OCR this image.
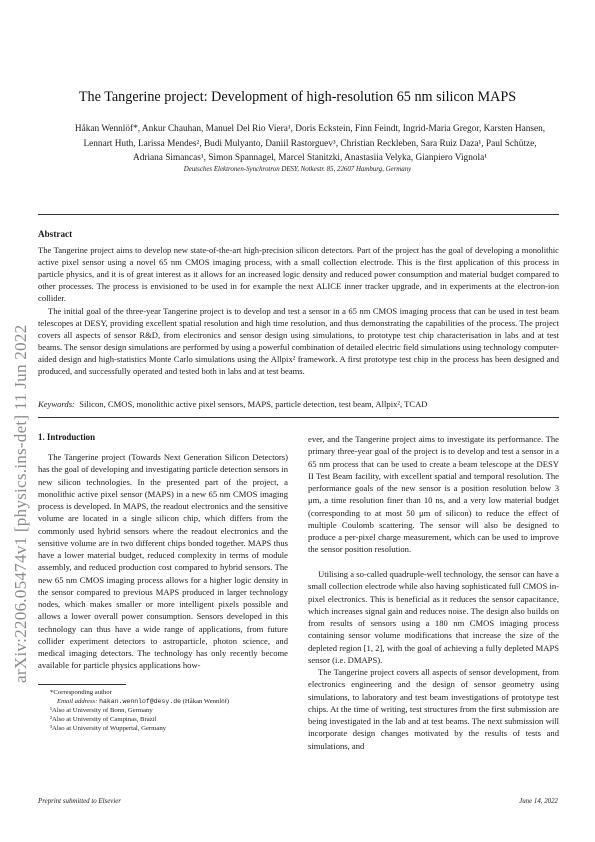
arXiv:2206.05474v1 [physics.ins-det] 11 Jun 2022
The Tangerine project: Development of high-resolution 65 nm silicon MAPS
Håkan Wennlöf*, Ankur Chauhan, Manuel Del Rio Viera¹, Doris Eckstein, Finn Feindt, Ingrid-Maria Gregor, Karsten Hansen,
Lennart Huth, Larissa Mendes², Budi Mulyanto, Daniil Rastorguev³, Christian Reckleben, Sara Ruiz Daza¹, Paul Schütze,
Adriana Simancas¹, Simon Spannagel, Marcel Stanitzki, Anastasiia Velyka, Gianpiero Vignola¹
Deutsches Elektronen-Synchrotron DESY, Notkestr. 85, 22607 Hamburg, Germany
Abstract

The Tangerine project aims to develop new state-of-the-art high-precision silicon detectors. Part of the project has the goal of developing a monolithic active pixel sensor using a novel 65 nm CMOS imaging process, with a small collection electrode. This is the first application of this process in particle physics, and it is of great interest as it allows for an increased logic density and reduced power consumption and material budget compared to other processes. The process is envisioned to be used in for example the next ALICE inner tracker upgrade, and in experiments at the electron-ion collider.

The initial goal of the three-year Tangerine project is to develop and test a sensor in a 65 nm CMOS imaging process that can be used in test beam telescopes at DESY, providing excellent spatial resolution and high time resolution, and thus demonstrating the capabilities of the process. The project covers all aspects of sensor R&D, from electronics and sensor design using simulations, to prototype test chip characterisation in labs and at test beams. The sensor design simulations are performed by using a powerful combination of detailed electric field simulations using technology computer-aided design and high-statistics Monte Carlo simulations using the Allpix² framework. A first prototype test chip in the process has been designed and produced, and successfully operated and tested both in labs and at test beams.

Keywords: Silicon, CMOS, monolithic active pixel sensors, MAPS, particle detection, test beam, Allpix², TCAD
1. Introduction

The Tangerine project (Towards Next Generation Silicon Detectors) has the goal of developing and investigating particle detection sensors in new silicon technologies. In the presented part of the project, a monolithic active pixel sensor (MAPS) in a new 65 nm CMOS imaging process is developed. In MAPS, the readout electronics and the sensitive volume are located in a single silicon chip, which differs from the commonly used hybrid sensors where the readout electronics and the sensitive volume are in two different chips bonded together. MAPS thus have a lower material budget, reduced complexity in terms of module assembly, and reduced production cost compared to hybrid sensors. The new 65 nm CMOS imaging process allows for a higher logic density in the sensor compared to previous MAPS produced in larger technology nodes, which makes smaller or more intelligent pixels possible and allows a lower overall power consumption. Sensors developed in this technology can thus have a wide range of applications, from future collider experiment detectors to astroparticle, photon science, and medical imaging detectors. The technology has only recently become available for particle physics applications how-

ever, and the Tangerine project aims to investigate its performance. The primary three-year goal of the project is to develop and test a sensor in a 65 nm process that can be used to create a beam telescope at the DESY II Test Beam facility, with excellent spatial and temporal resolution. The performance goals of the new sensor is a position resolution below 3 μm, a time resolution finer than 10 ns, and a very low material budget (corresponding to at most 50 μm of silicon) to reduce the effect of multiple Coulomb scattering. The sensor will also be designed to produce a per-pixel charge measurement, which can be used to improve the sensor position resolution.

Utilising a so-called quadruple-well technology, the sensor can have a small collection electrode while also having sophisticated full CMOS in-pixel electronics. This is beneficial as it reduces the sensor capacitance, which increases signal gain and reduces noise. The design also builds on from results of sensors using a 180 nm CMOS imaging process containing sensor volume modifications that increase the size of the depleted region [1, 2], with the goal of achieving a fully depleted MAPS sensor (i.e. DMAPS).

The Tangerine project covers all aspects of sensor development, from electronics engineering and the design of sensor geometry using simulations, to laboratory and test beam investigations of prototype test chips. At the time of writing, test structures from the first submission are being investigated in the lab and at test beams. The next submission will incorporate design changes motivated by the results of tests and simulations, and

*Corresponding author
Email address: hakan.wennlof@desy.de (Håkan Wennlöf)
¹Also at University of Bonn, Germany
²Also at University of Campinas, Brazil
³Also at University of Wuppertal, Germany
Preprint submitted to Elsevier	June 14, 2022
